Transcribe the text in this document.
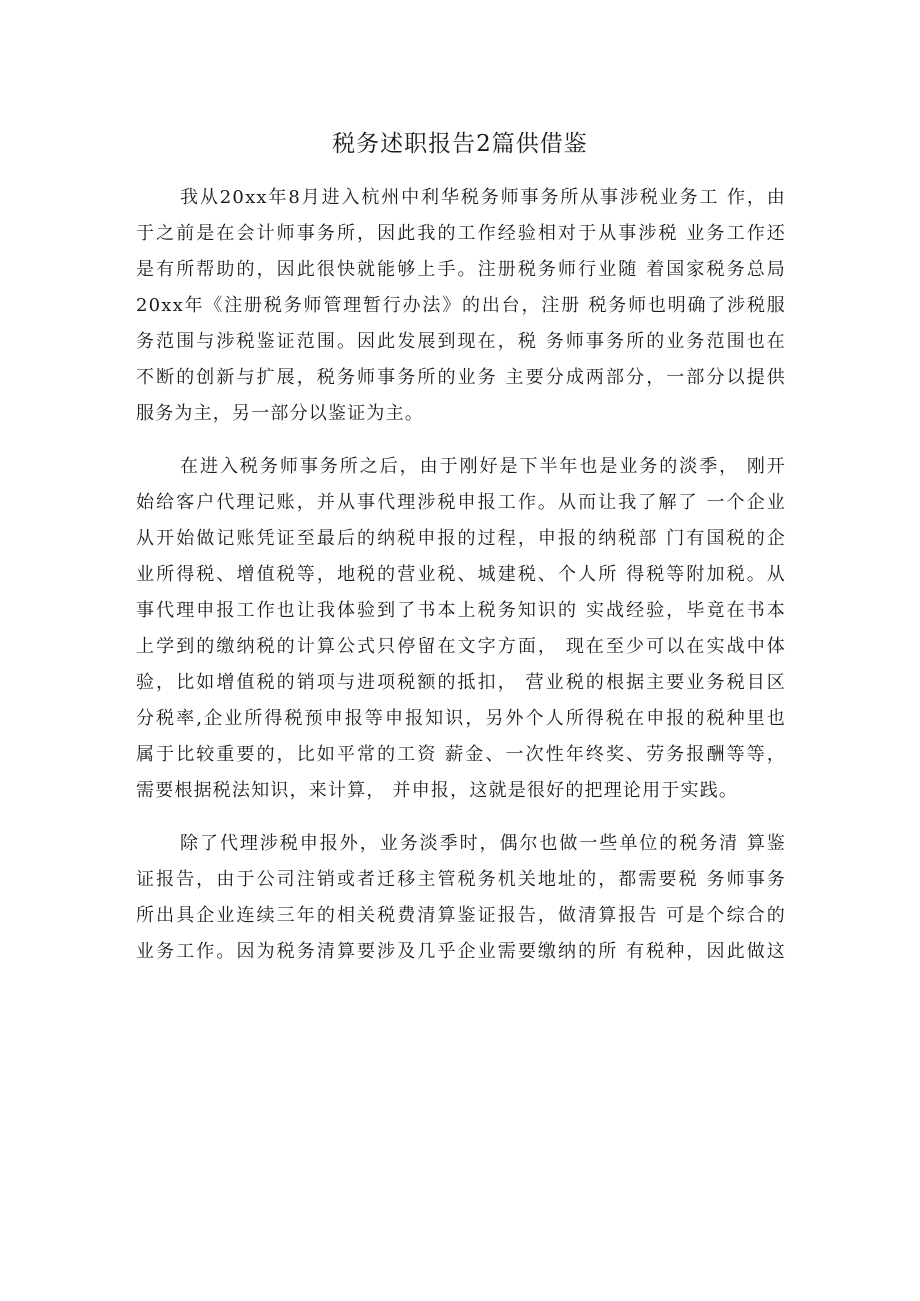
税务述职报告2篇供借鉴
我从20xx年8月进入杭州中利华税务师事务所从事涉税业务工 作，由
于之前是在会计师事务所，因此我的工作经验相对于从事涉税 业务工作还
是有所帮助的，因此很快就能够上手。注册税务师行业随 着国家税务总局
20xx年《注册税务师管理暂行办法》的出台，注册 税务师也明确了涉税服
务范围与涉税鉴证范围。因此发展到现在，税 务师事务所的业务范围也在
不断的创新与扩展，税务师事务所的业务 主要分成两部分，一部分以提供
服务为主，另一部分以鉴证为主。
在进入税务师事务所之后，由于刚好是下半年也是业务的淡季， 刚开
始给客户代理记账，并从事代理涉税申报工作。从而让我了解了 一个企业
从开始做记账凭证至最后的纳税申报的过程，申报的纳税部 门有国税的企
业所得税、增值税等，地税的营业税、城建税、个人所 得税等附加税。从
事代理申报工作也让我体验到了书本上税务知识的 实战经验，毕竟在书本
上学到的缴纳税的计算公式只停留在文字方面， 现在至少可以在实战中体
验，比如增值税的销项与进项税额的抵扣， 营业税的根据主要业务税目区
分税率,企业所得税预申报等申报知识，另外个人所得税在申报的税种里也
属于比较重要的，比如平常的工资 薪金、一次性年终奖、劳务报酬等等，
需要根据税法知识，来计算， 并申报，这就是很好的把理论用于实践。
除了代理涉税申报外，业务淡季时，偶尔也做一些单位的税务清 算鉴
证报告，由于公司注销或者迁移主管税务机关地址的，都需要税 务师事务
所出具企业连续三年的相关税费清算鉴证报告，做清算报告 可是个综合的
业务工作。因为税务清算要涉及几乎企业需要缴纳的所 有税种，因此做这
